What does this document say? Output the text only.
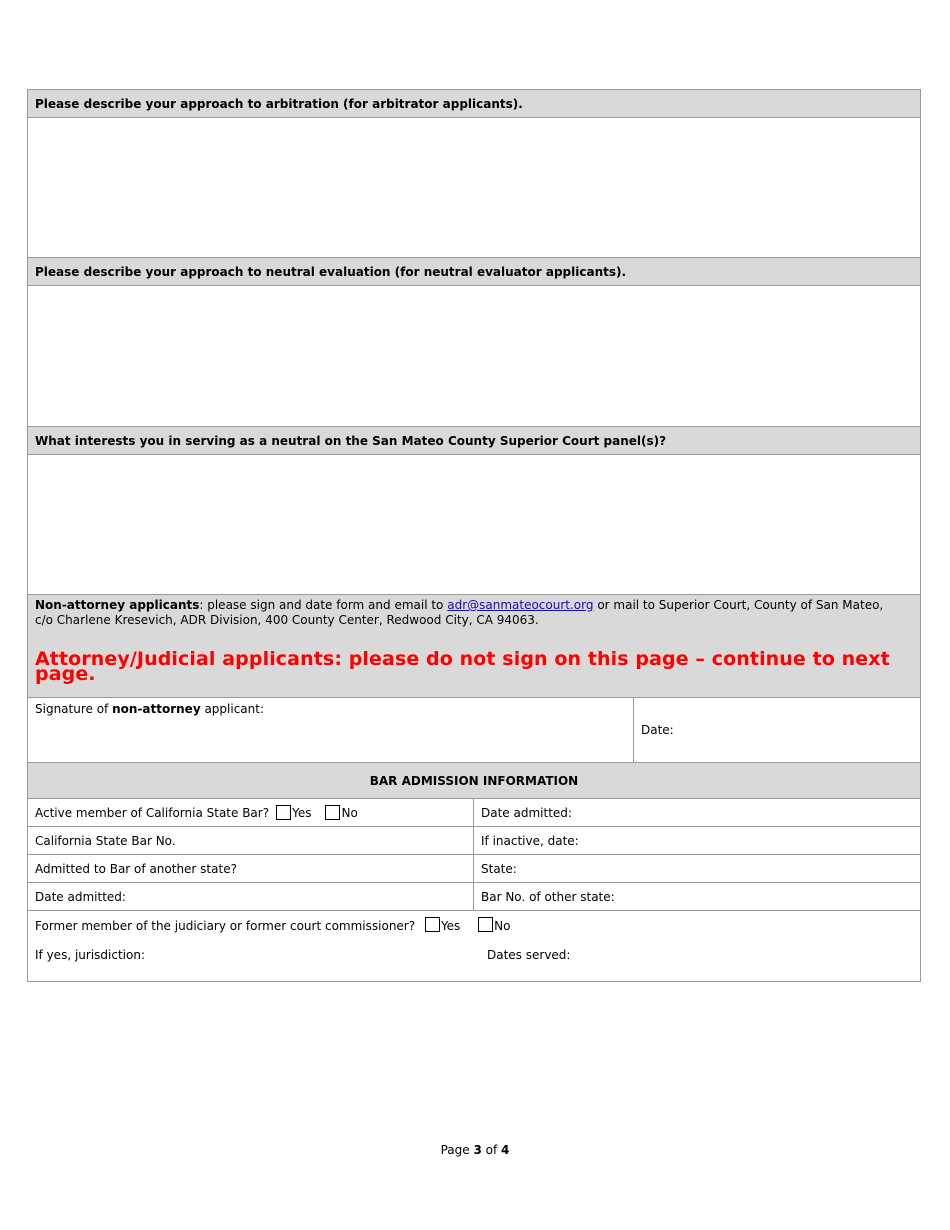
Please describe your approach to arbitration (for arbitrator applicants).
Please describe your approach to neutral evaluation (for neutral evaluator applicants).
What interests you in serving as a neutral on the San Mateo County Superior Court panel(s)?
Non-attorney applicants: please sign and date form and email to adr@sanmateocourt.org or mail to Superior Court, County of San Mateo,
c/o Charlene Kresevich, ADR Division, 400 County Center, Redwood City, CA 94063.
Attorney/Judicial applicants: please do not sign on this page – continue to next page.
Signature of non-attorney applicant:
Date:
BAR ADMISSION INFORMATION
Active member of California State Bar? Yes	No	Date admitted:
California State Bar No.	If inactive, date:
Admitted to Bar of another state?	State:
Date admitted:	Bar No. of other state:
Former member of the judiciary or former court commissioner? Yes	No
If yes, jurisdiction:	Dates served:
Page 3 of 4
